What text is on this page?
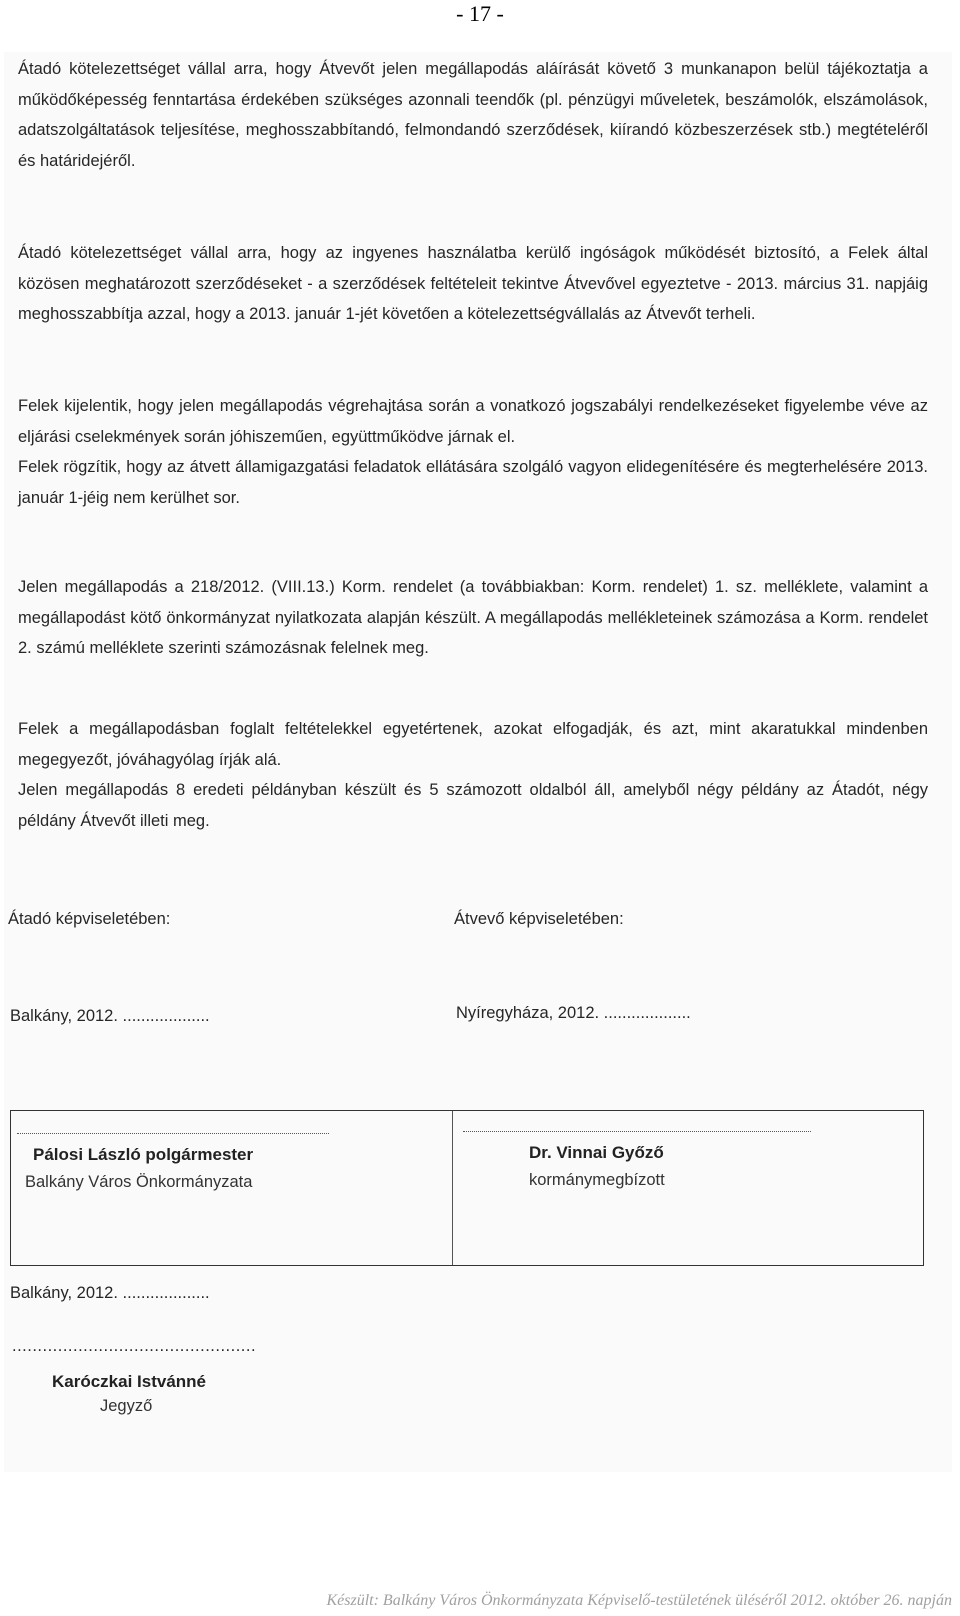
- 17 -

Átadó kötelezettséget vállal arra, hogy Átvevőt jelen megállapodás aláírását követő 3 munkanapon belül tájékoztatja a működőképesség fenntartása érdekében szükséges azonnali teendők (pl. pénzügyi műveletek, beszámolók, elszámolások, adatszolgáltatások teljesítése, meghosszabbítandó, felmondandó szerződések, kiírandó közbeszerzések stb.) megtételéről és határidejéről.

Átadó kötelezettséget vállal arra, hogy az ingyenes használatba kerülő ingóságok működését biztosító, a Felek által közösen meghatározott szerződéseket - a szerződések feltételeit tekintve Átvevővel egyeztetve - 2013. március 31. napjáig meghosszabbítja azzal, hogy a 2013. január 1-jét követően a kötelezettségvállalás az Átvevőt terheli.

Felek kijelentik, hogy jelen megállapodás végrehajtása során a vonatkozó jogszabályi rendelkezéseket figyelembe véve az eljárási cselekmények során jóhiszeműen, együttműködve járnak el.

Felek rögzítik, hogy az átvett államigazgatási feladatok ellátására szolgáló vagyon elidegenítésére és megterhelésére 2013. január 1-jéig nem kerülhet sor.

Jelen megállapodás a 218/2012. (VIII.13.) Korm. rendelet (a továbbiakban: Korm. rendelet) 1. sz. melléklete, valamint a megállapodást kötő önkormányzat nyilatkozata alapján készült. A megállapodás mellékleteinek számozása a Korm. rendelet 2. számú melléklete szerinti számozásnak felelnek meg.

Felek a megállapodásban foglalt feltételekkel egyetértenek, azokat elfogadják, és azt, mint akaratukkal mindenben megegyezőt, jóváhagyólag írják alá.

Jelen megállapodás 8 eredeti példányban készült és 5 számozott oldalból áll, amelyből négy példány az Átadót, négy példány Átvevőt illeti meg.

Átadó képviseletében:	Átvevő képviseletében:
Balkány, 2012. ...................	Nyíregyháza, 2012. ...................
Pálosi László polgármester
Balkány Város Önkormányzata
Dr. Vinnai Győző
kormánymegbízott
Balkány, 2012. ...................
................................................
Karóczkai Istvánné
Jegyző
Készült: Balkány Város Önkormányzata Képviselő-testületének üléséről 2012. október 26. napján
